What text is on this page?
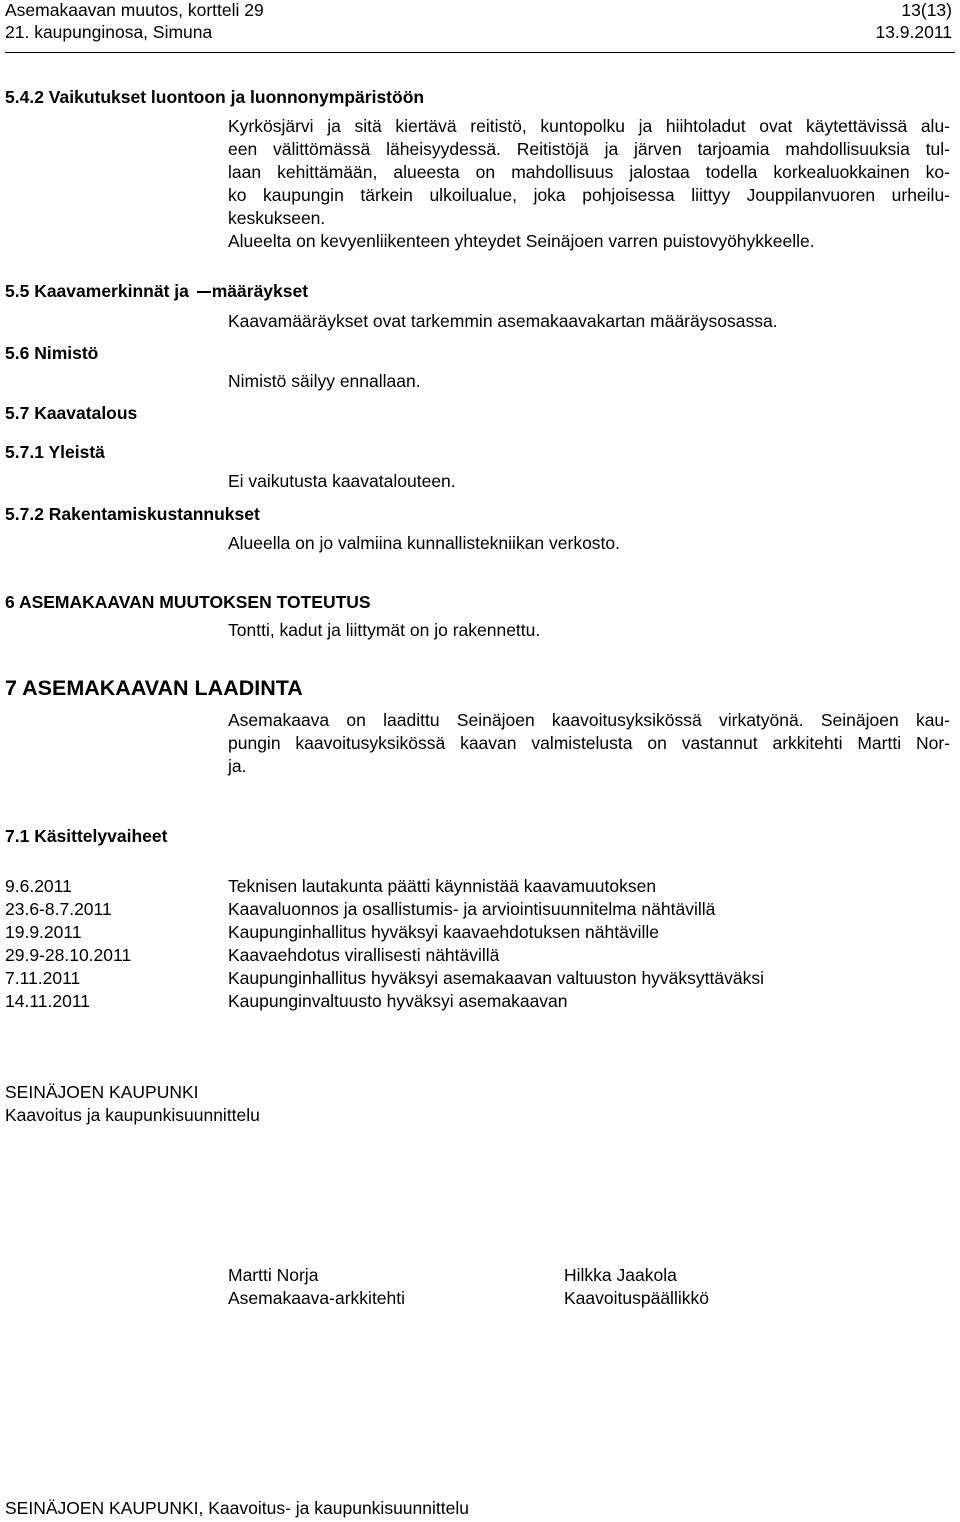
Asemakaavan muutos, kortteli 29	13(13)
21. kaupunginosa, Simuna	13.9.2011
5.4.2 Vaikutukset luontoon ja luonnonympäristöön
Kyrkösjärvi ja sitä kiertävä reitistö, kuntopolku ja hiihtoladut ovat käytettävissä alu-
een välittömässä läheisyydessä. Reitistöjä ja järven tarjoamia mahdollisuuksia tul-
laan kehittämään, alueesta on mahdollisuus jalostaa todella korkealuokkainen ko-
ko kaupungin tärkein ulkoilualue, joka pohjoisessa liittyy Jouppilanvuoren urheilu-
keskukseen.
Alueelta on kevyenliikenteen yhteydet Seinäjoen varren puistovyöhykkeelle.
5.5 Kaavamerkinnät ja määräykset
Kaavamääräykset ovat tarkemmin asemakaavakartan määräysosassa.
5.6 Nimistö
Nimistö säilyy ennallaan.
5.7 Kaavatalous
5.7.1 Yleistä
Ei vaikutusta kaavatalouteen.
5.7.2 Rakentamiskustannukset
Alueella on jo valmiina kunnallistekniikan verkosto.
6 ASEMAKAAVAN MUUTOKSEN TOTEUTUS
Tontti, kadut ja liittymät on jo rakennettu.
7 ASEMAKAAVAN LAADINTA
Asemakaava on laadittu Seinäjoen kaavoitusyksikössä virkatyönä. Seinäjoen kau-
pungin kaavoitusyksikössä kaavan valmistelusta on vastannut arkkitehti Martti Nor-
ja.
7.1 Käsittelyvaiheet
9.6.2011	Teknisen lautakunta päätti käynnistää kaavamuutoksen
23.6-8.7.2011	Kaavaluonnos ja osallistumis- ja arviointisuunnitelma nähtävillä
19.9.2011	Kaupunginhallitus hyväksyi kaavaehdotuksen nähtäville
29.9-28.10.2011	Kaavaehdotus virallisesti nähtävillä
7.11.2011	Kaupunginhallitus hyväksyi asemakaavan valtuuston hyväksyttäväksi
14.11.2011	Kaupunginvaltuusto hyväksyi asemakaavan
SEINÄJOEN KAUPUNKI
Kaavoitus ja kaupunkisuunnittelu
Martti Norja
Asemakaava-arkkitehti
Hilkka Jaakola
Kaavoituspäällikkö
SEINÄJOEN KAUPUNKI, Kaavoitus- ja kaupunkisuunnittelu
